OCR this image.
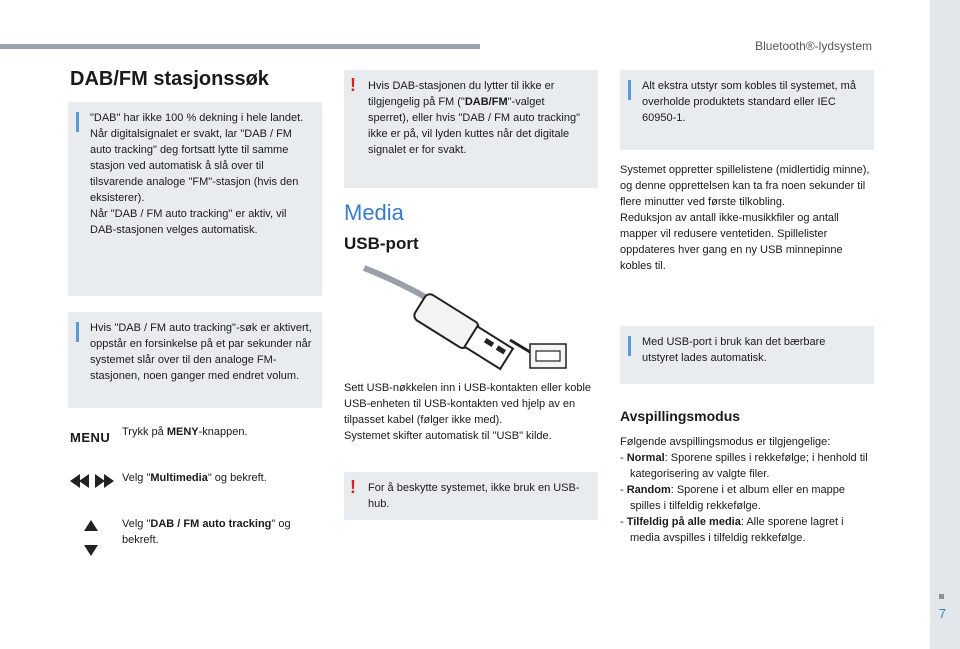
Bluetooth®-lydsystem
7
DAB/FM stasjonssøk
"DAB" har ikke 100 % dekning i hele landet.
Når digitalsignalet er svakt, lar "DAB / FM auto tracking" deg fortsatt lytte til samme stasjon ved automatisk å slå over til tilsvarende analoge "FM"-stasjon (hvis den eksisterer).
Når "DAB / FM auto tracking" er aktiv, vil DAB-stasjonen velges automatisk.
Hvis "DAB / FM auto tracking"-søk er aktivert, oppstår en forsinkelse på et par sekunder når systemet slår over til den analoge FM-stasjonen, noen ganger med endret volum.
MENU Trykk på MENY-knappen.
Velg "Multimedia" og bekreft.
Velg "DAB / FM auto tracking" og bekreft.
! Hvis DAB-stasjonen du lytter til ikke er tilgjengelig på FM ("DAB/FM"-valget sperret), eller hvis "DAB / FM auto tracking" ikke er på, vil lyden kuttes når det digitale signalet er for svakt.
Media
USB-port
Sett USB-nøkkelen inn i USB-kontakten eller koble USB-enheten til USB-kontakten ved hjelp av en tilpasset kabel (følger ikke med).
Systemet skifter automatisk til "USB" kilde.
! For å beskytte systemet, ikke bruk en USB-hub.
Alt ekstra utstyr som kobles til systemet, må overholde produktets standard eller IEC 60950-1.
Systemet oppretter spillelistene (midlertidig minne), og denne opprettelsen kan ta fra noen sekunder til flere minutter ved første tilkobling.
Reduksjon av antall ikke-musikkfiler og antall mapper vil redusere ventetiden. Spillelister oppdateres hver gang en ny USB minnepinne kobles til.
Med USB-port i bruk kan det bærbare utstyret lades automatisk.
Avspillingsmodus
Følgende avspillingsmodus er tilgjengelige:
- Normal: Sporene spilles i rekkefølge; i henhold til kategorisering av valgte filer.
- Random: Sporene i et album eller en mappe spilles i tilfeldig rekkefølge.
- Tilfeldig på alle media: Alle sporene lagret i media avspilles i tilfeldig rekkefølge.
